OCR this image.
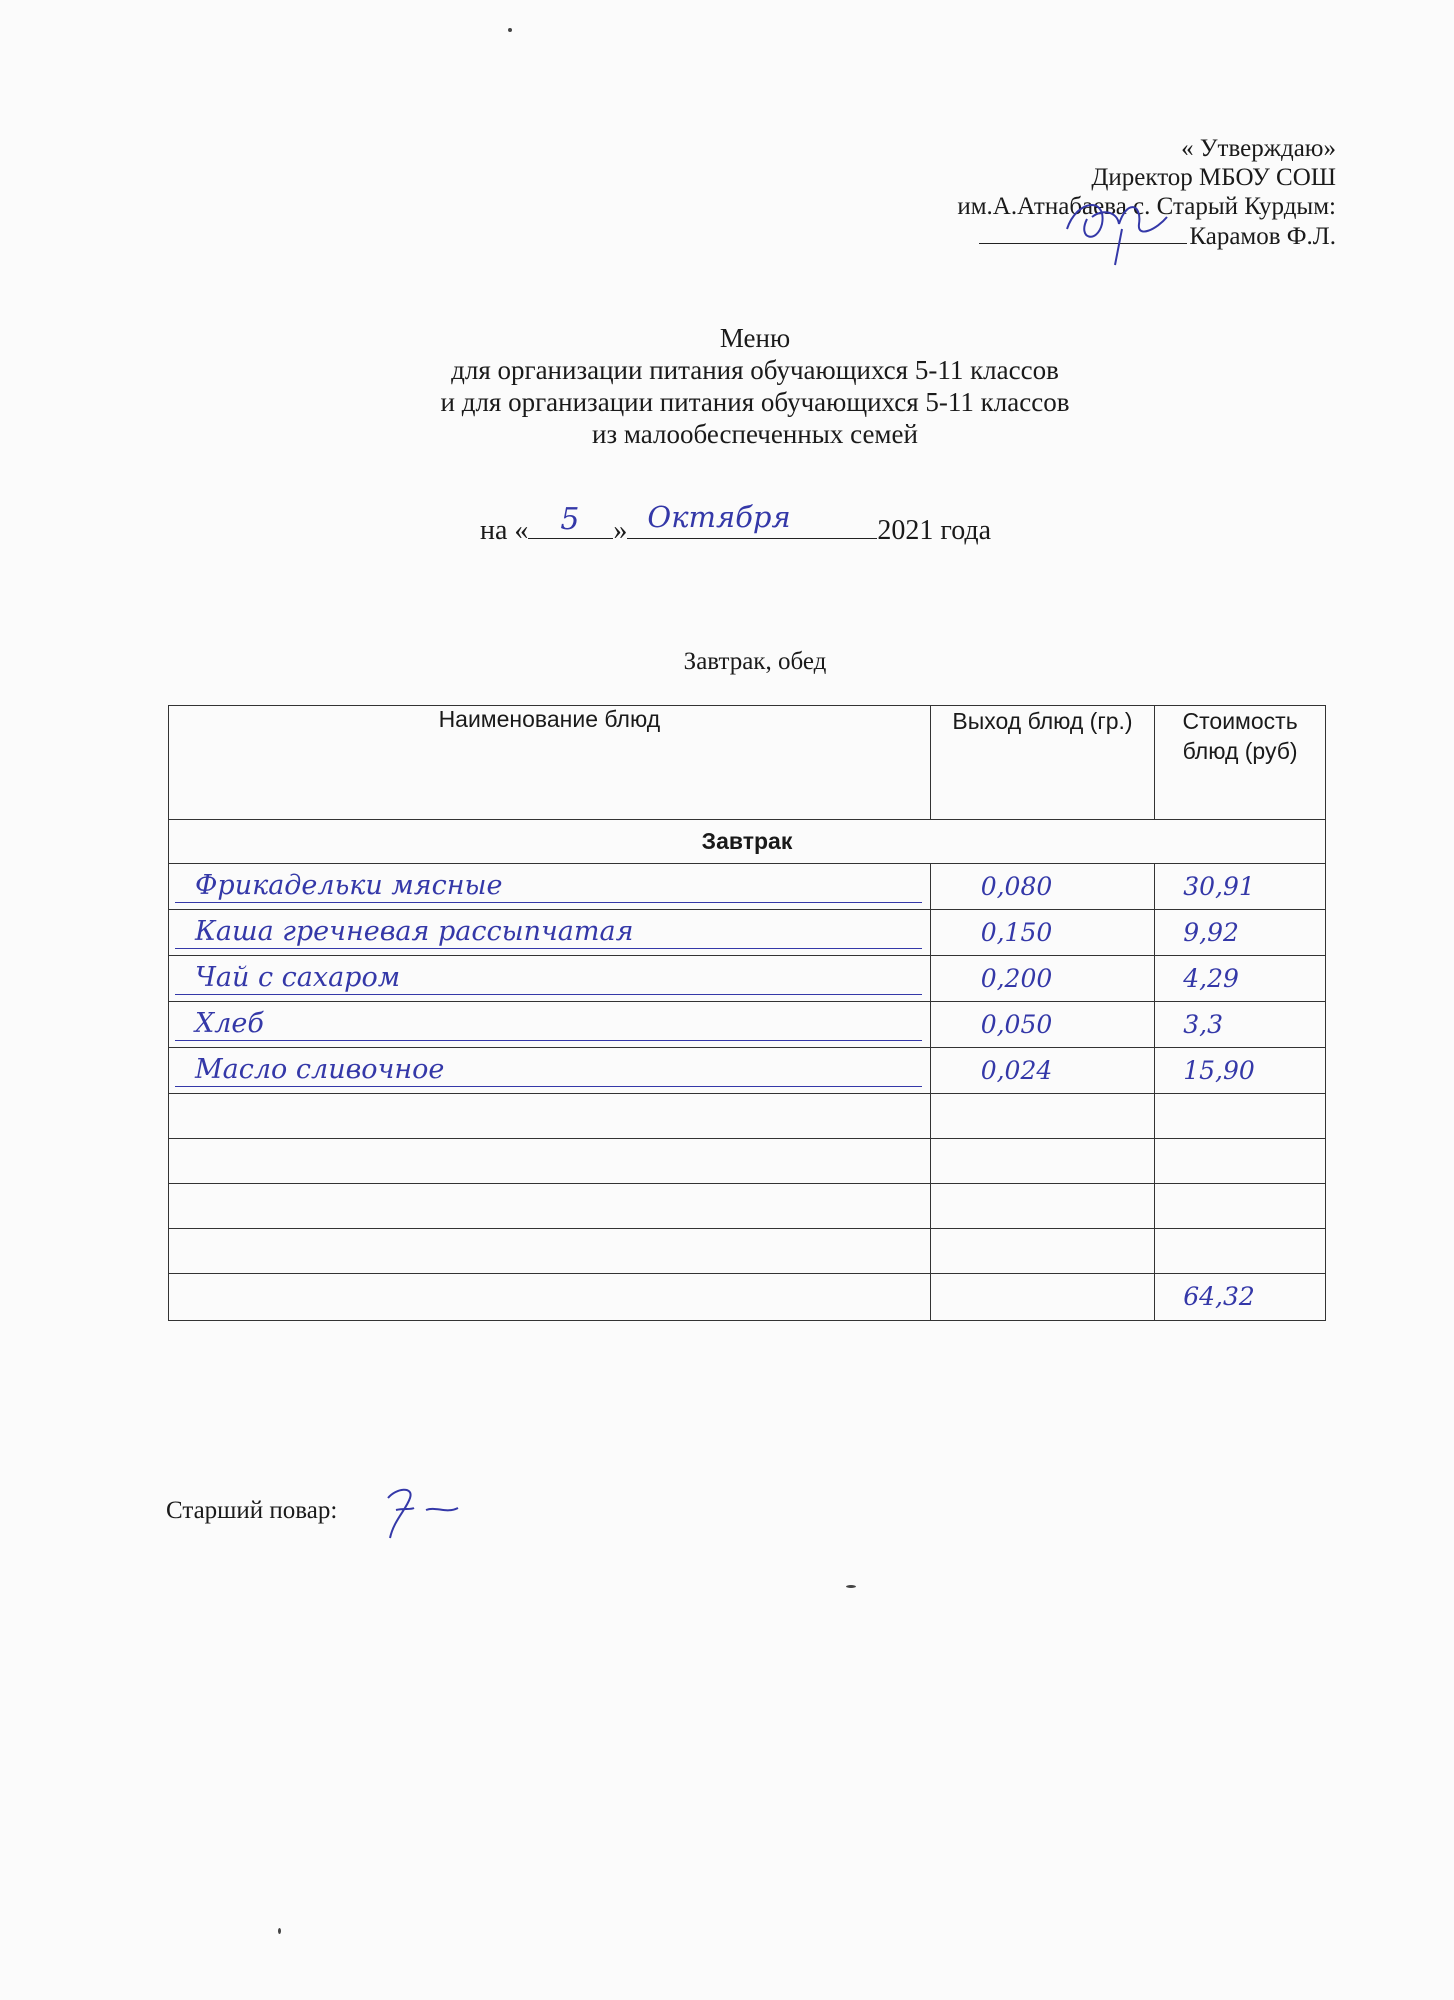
« Утверждаю»
Директор МБОУ СОШ
им.А.Атнабаева с. Старый Курдым:
Карамов Ф.Л.
Меню
для организации питания обучающихся 5-11 классов
и для организации питания обучающихся 5-11 классов
из малообеспеченных семей
на « 5 » Октября	2021 года
Завтрак, обед
Наименование блюд	Выход блюд (гр.)	Стоимость блюд (руб)
Завтрак		

Фрикадельки мясные	0,080	30,91

Каша гречневая рассыпчатая	0,150	9,92

Чай с сахаром	0,200	4,29

Хлеб	0,050	3,3

Масло сливочное	0,024	15,90

		64,32
Старший повар:
